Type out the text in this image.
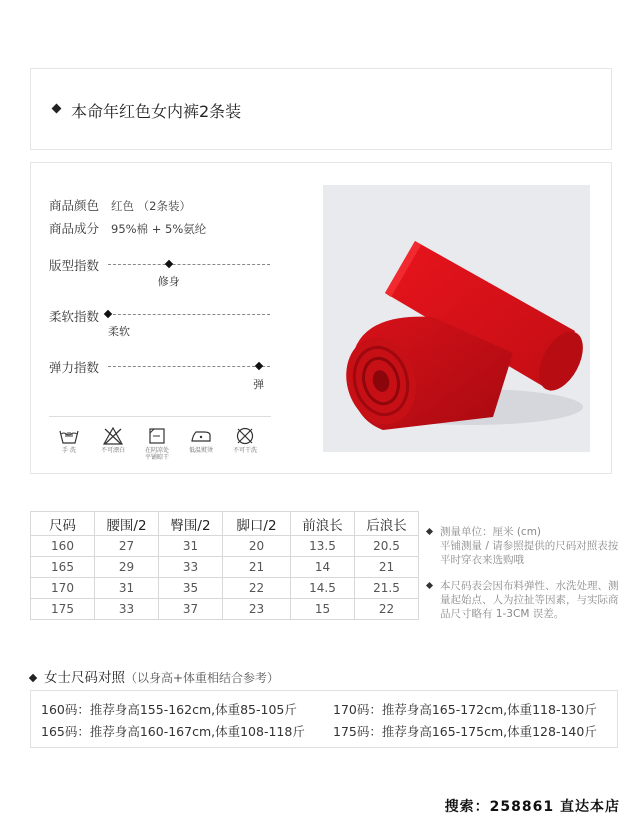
本命年红色女内裤2条装
商品颜色 红色 （2条装）
商品成分 95%棉 + 5%氨纶
版型指数
修身
柔软指数
柔软
弹力指数
弹
手 洗	不可漂白	在阴凉处
平铺晾干
低温熨烫	不可干洗
尺码	腰围/2	臀围/2	脚口/2	前浪长	后浪长
160	27	31	20	13.5	20.5
165	29	33	21	14	21
170	31	35	22	14.5	21.5
175	33	37	23	15	22

测量单位：厘米 (cm)
平铺测量 / 请参照提供的尺码对照表按平时穿衣来选购哦

本尺码表会因布料弹性、水洗处理、测量起始点、人为拉扯等因素，与实际商品尺寸略有 1-3CM 误差。

女士尺码对照（以身高+体重相结合参考）
160码：推荐身高155-162cm,体重85-105斤	170码：推荐身高165-172cm,体重118-130斤
165码：推荐身高160-167cm,体重108-118斤 175码：推荐身高165-175cm,体重128-140斤
搜索：258861 直达本店
